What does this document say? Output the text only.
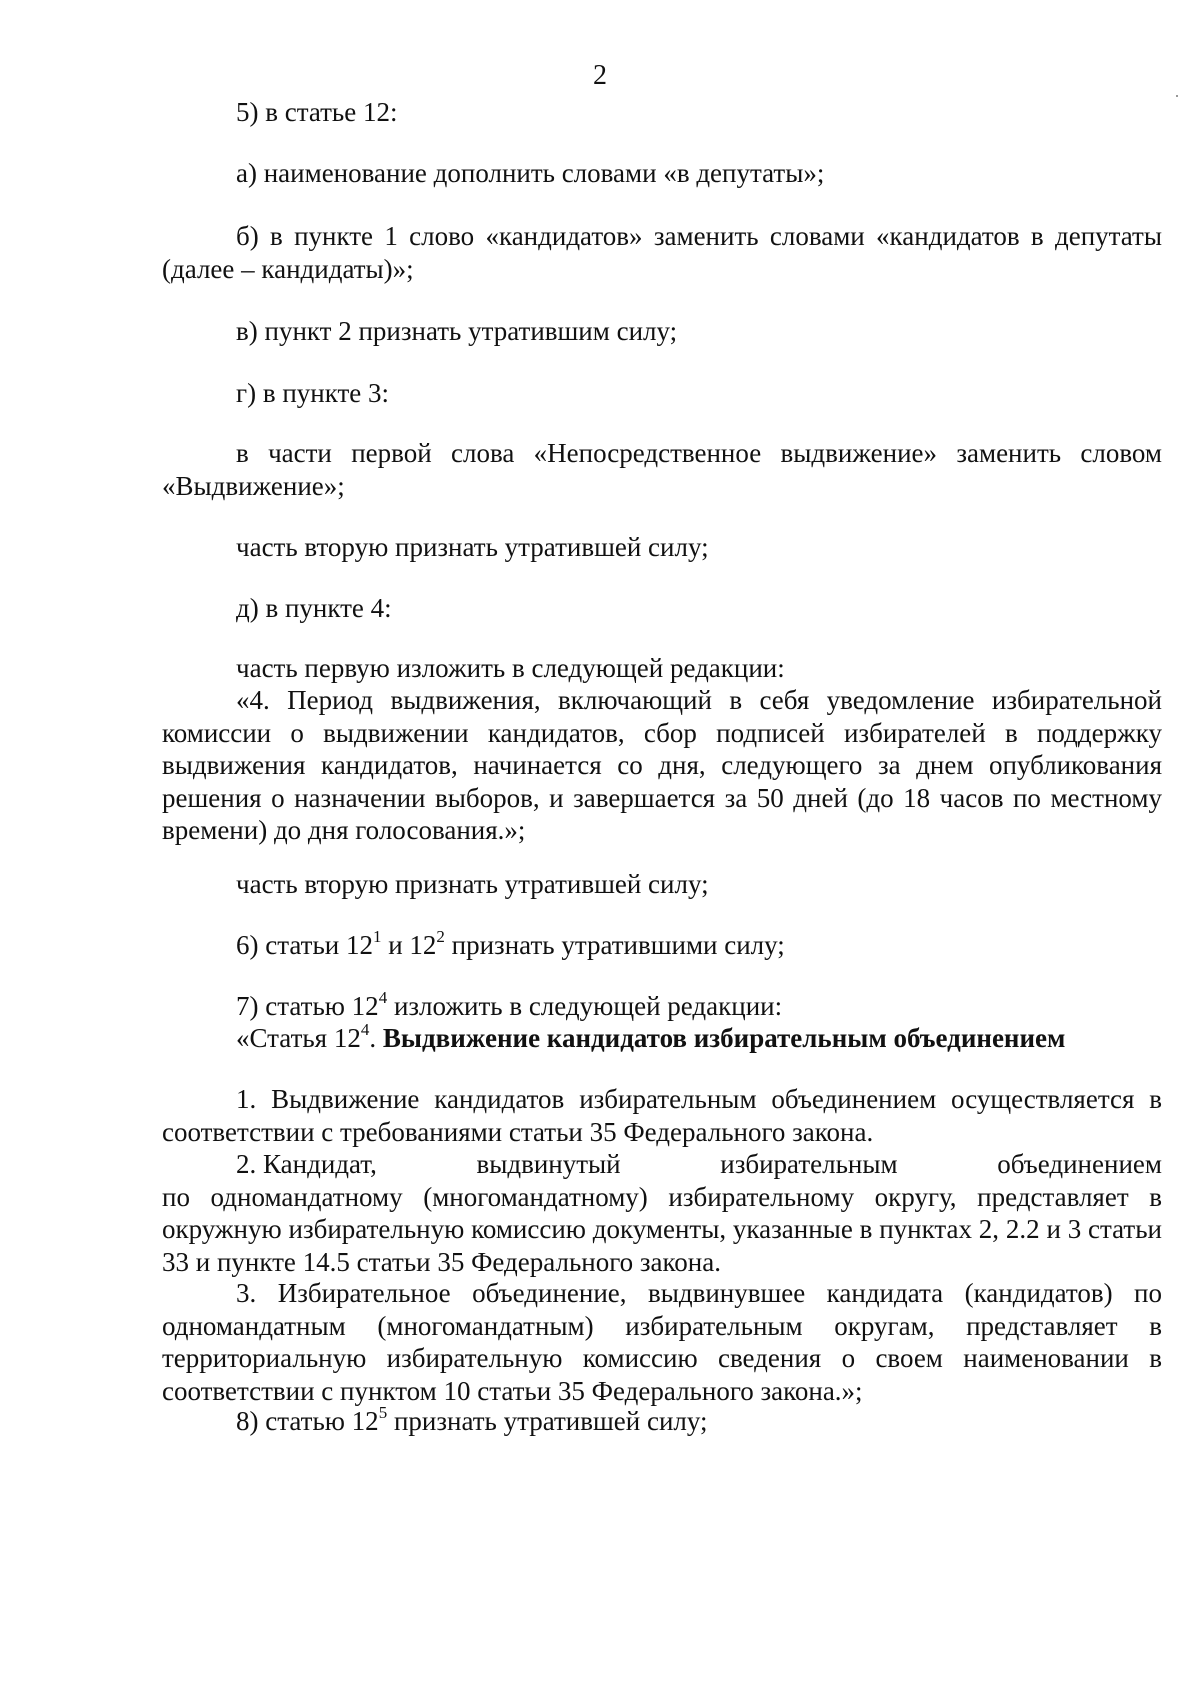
2

5) в статье 12:

а) наименование дополнить словами «в депутаты»;

б) в пункте 1 слово «кандидатов» заменить словами «кандидатов в депутаты (далее – кандидаты)»;

в) пункт 2 признать утратившим силу;

г) в пункте 3:

в части первой слова «Непосредственное выдвижение» заменить словом «Выдвижение»;

часть вторую признать утратившей силу;

д) в пункте 4:

часть первую изложить в следующей редакции:

«4. Период выдвижения, включающий в себя уведомление избирательной комиссии о выдвижении кандидатов, сбор подписей избирателей в поддержку выдвижения кандидатов, начинается со дня, следующего за днем опубликования решения о назначении выборов, и завершается за 50 дней (до 18 часов по местному времени) до дня голосования.»;

часть вторую признать утратившей силу;

6) статьи $12^1$ и $12^2$ признать утратившими силу;

7) статью $12^4$ изложить в следующей редакции:

«Статья $12^4$. Выдвижение кандидатов избирательным объединением

1. Выдвижение кандидатов избирательным объединением осуществляется в соответствии с требованиями статьи 35 Федерального закона.

2. Кандидат,	выдвинутый	избирательным	объединением
по одномандатному (многомандатному) избирательному округу, представляет в окружную избирательную комиссию документы, указанные в пунктах 2, 2.2 и 3 статьи 33 и пункте 14.5 статьи 35 Федерального закона.

3. Избирательное объединение, выдвинувшее кандидата (кандидатов) по одномандатным (многомандатным) избирательным округам, представляет в территориальную избирательную комиссию сведения о своем наименовании в соответствии с пунктом 10 статьи 35 Федерального закона.»;

8) статью $12^5$ признать утратившей силу;
